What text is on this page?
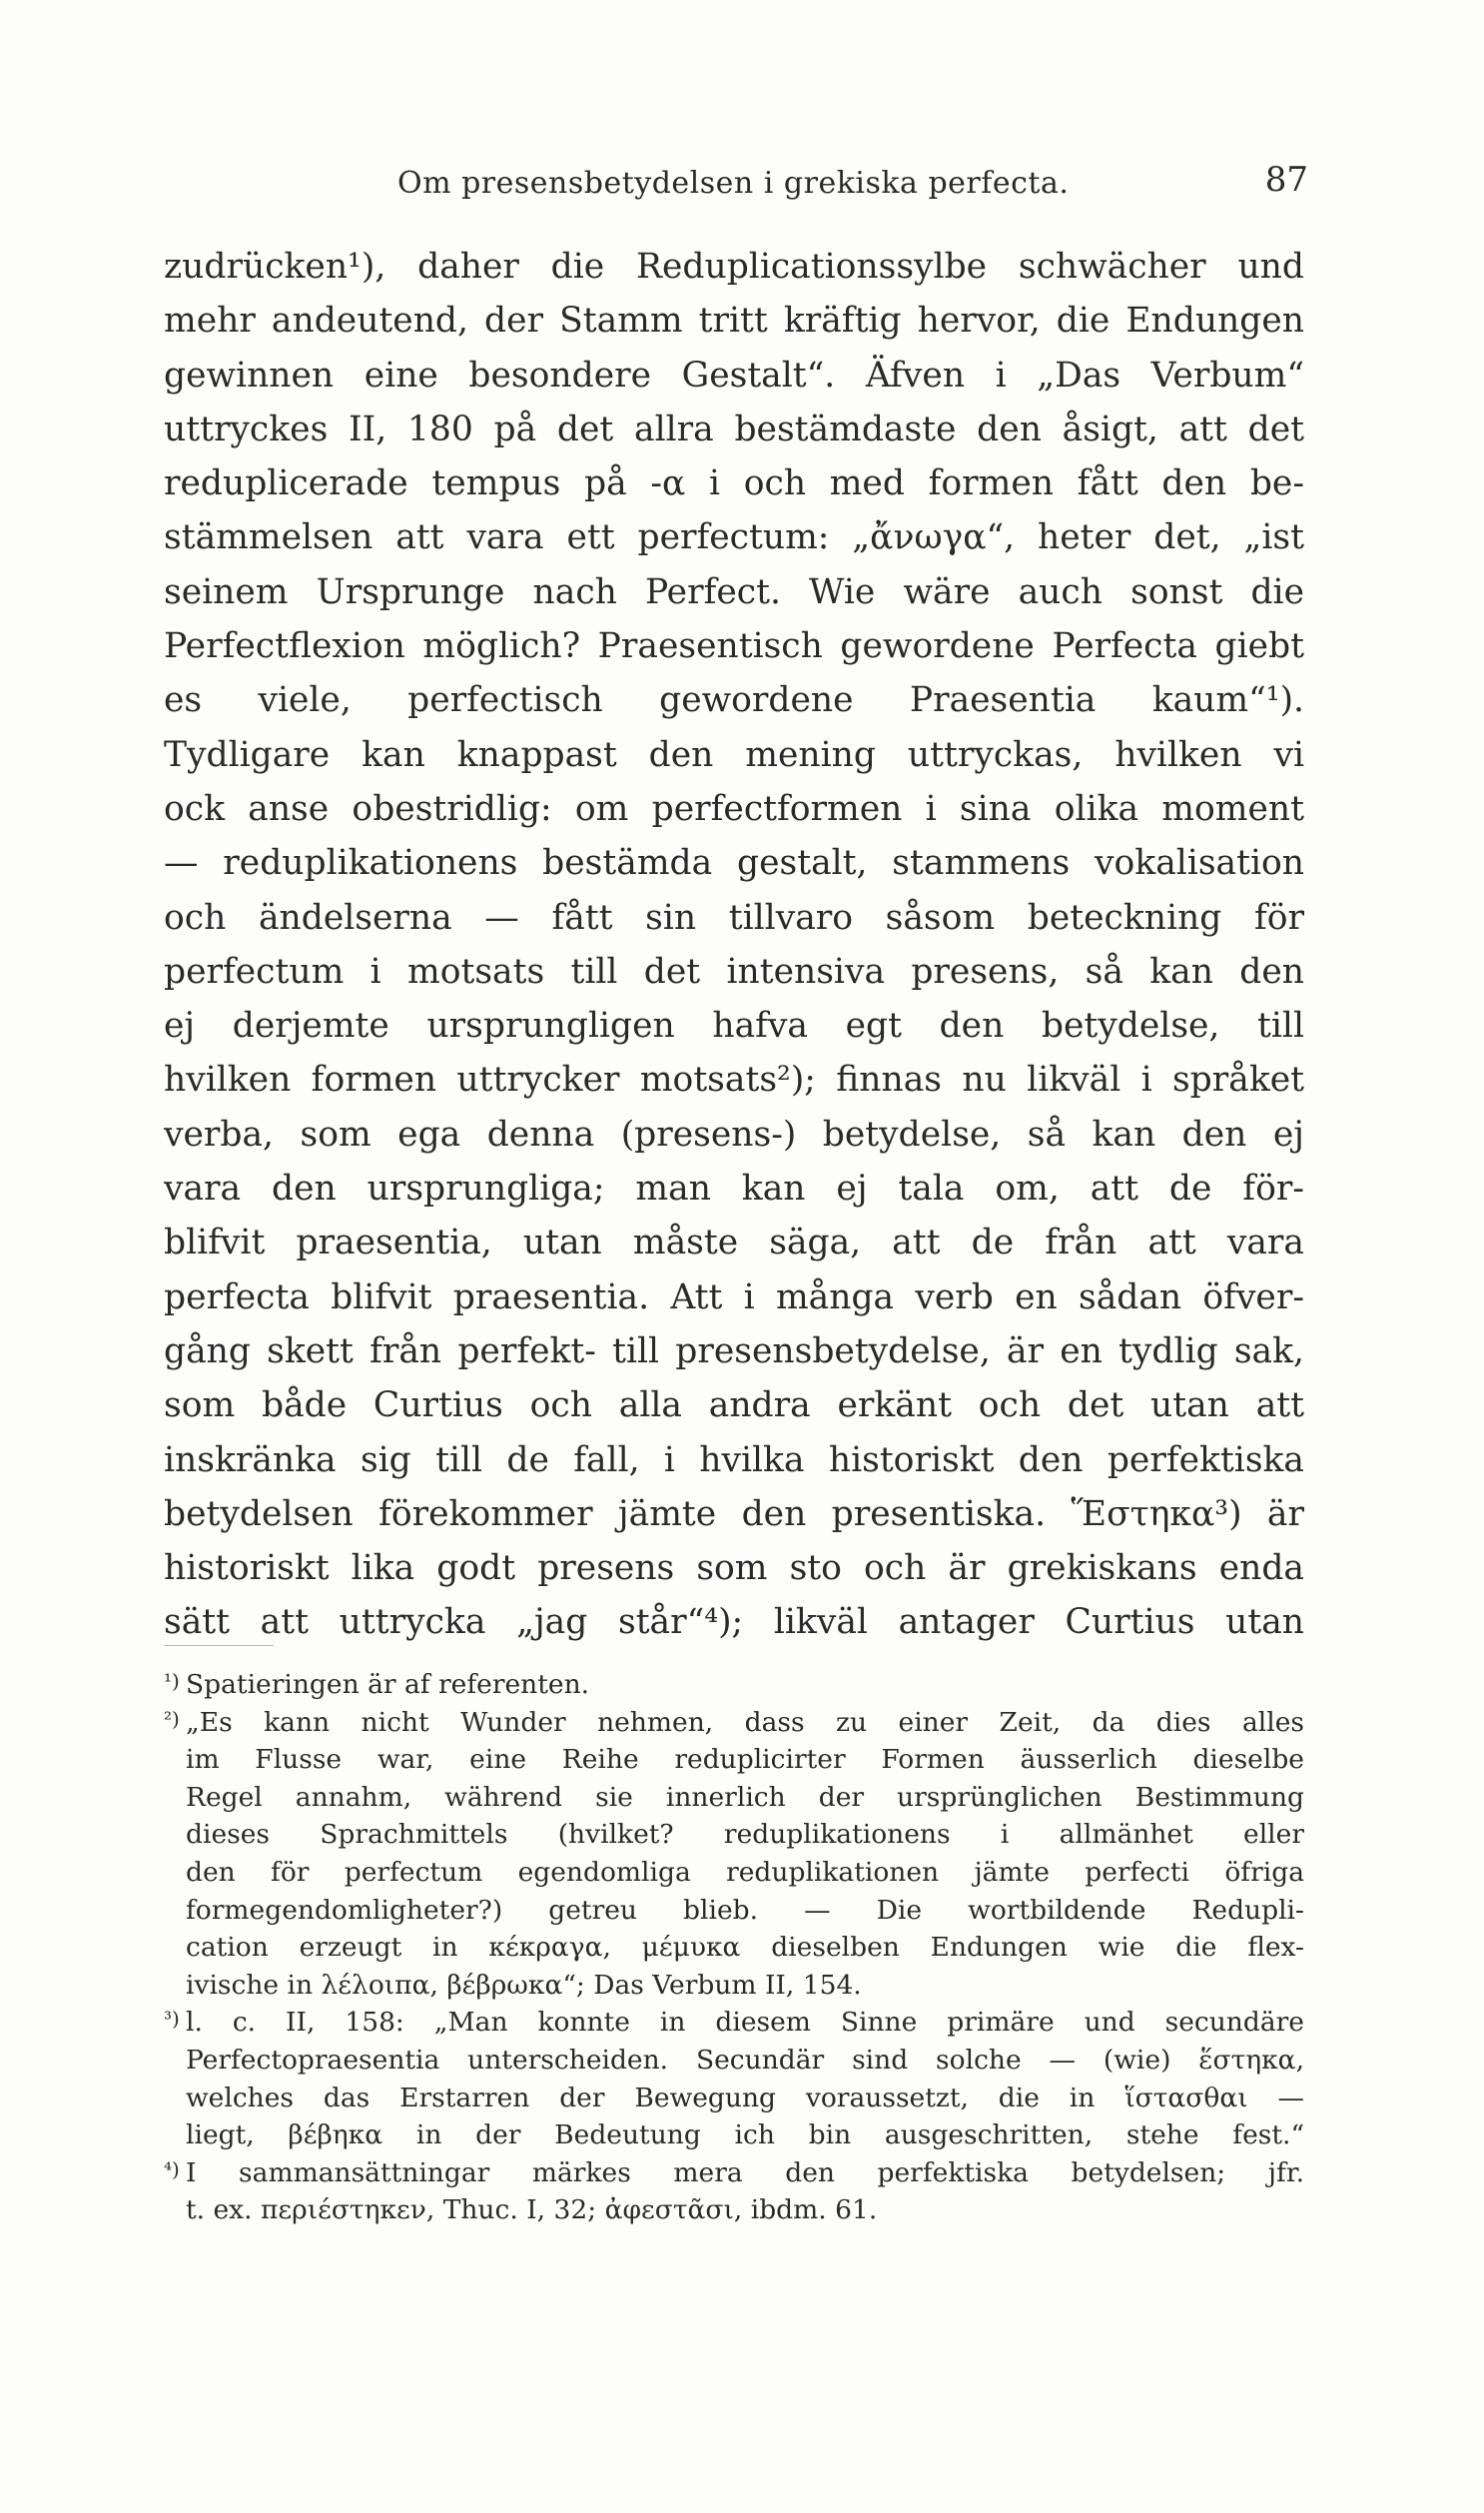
Om presensbetydelsen i grekiska perfecta.	87
zudrücken¹), daher die Reduplicationssylbe schwächer und
mehr andeutend, der Stamm tritt kräftig hervor, die Endungen
gewinnen eine besondere Gestalt“. Äfven i „Das Verbum“
uttryckes II, 180 på det allra bestämdaste den åsigt, att det
reduplicerade tempus på -α i och med formen fått den be-
stämmelsen att vara ett perfectum: „ἄνωγα“, heter det, „ist
seinem Ursprunge nach Perfect. Wie wäre auch sonst die
Perfectflexion möglich? Praesentisch gewordene Perfecta giebt
es viele, perfectisch gewordene Praesentia kaum“¹).
Tydligare kan knappast den mening uttryckas, hvilken vi
ock anse obestridlig: om perfectformen i sina olika moment
— reduplikationens bestämda gestalt, stammens vokalisation
och ändelserna — fått sin tillvaro såsom beteckning för
perfectum i motsats till det intensiva presens, så kan den
ej derjemte ursprungligen hafva egt den betydelse, till
hvilken formen uttrycker motsats²); finnas nu likväl i språket
verba, som ega denna (presens-) betydelse, så kan den ej
vara den ursprungliga; man kan ej tala om, att de för-
blifvit praesentia, utan måste säga, att de från att vara
perfecta blifvit praesentia. Att i många verb en sådan öfver-
gång skett från perfekt- till presensbetydelse, är en tydlig sak,
som både Curtius och alla andra erkänt och det utan att
inskränka sig till de fall, i hvilka historiskt den perfektiska
betydelsen förekommer jämte den presentiska. Ἕστηκα³) är
historiskt lika godt presens som sto och är grekiskans enda
sätt att uttrycka „jag står“⁴); likväl antager Curtius utan
¹) Spatieringen är af referenten.
²) „Es kann nicht Wunder nehmen, dass zu einer Zeit, da dies alles
im Flusse war, eine Reihe reduplicirter Formen äusserlich dieselbe
Regel annahm, während sie innerlich der ursprünglichen Bestimmung
dieses Sprachmittels (hvilket? reduplikationens i allmänhet eller
den för perfectum egendomliga reduplikationen jämte perfecti öfriga
formegendomligheter?) getreu blieb. — Die wortbildende Redupli-
cation erzeugt in κέκραγα, μέμυκα dieselben Endungen wie die flex-
ivische in λέλοιπα, βέβρωκα“; Das Verbum II, 154.
³) l. c. II, 158: „Man konnte in diesem Sinne primäre und secundäre
Perfectopraesentia unterscheiden. Secundär sind solche — (wie) ἕστηκα,
welches das Erstarren der Bewegung voraussetzt, die in ἵστασθαι —
liegt, βέβηκα in der Bedeutung ich bin ausgeschritten, stehe fest.“
⁴) I sammansättningar märkes mera den perfektiska betydelsen; jfr.
t. ex. περιέστηκεν, Thuc. I, 32; ἀφεστᾶσι, ibdm. 61.
